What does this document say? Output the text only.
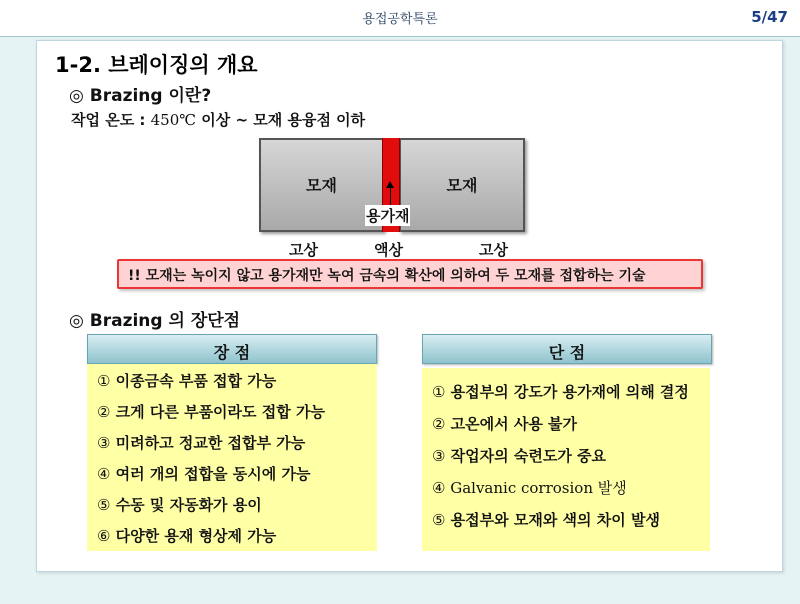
용접공학특론	5/47
1-2. 브레이징의 개요
◎ Brazing 이란?
작업 온도 : 450℃ 이상 ~ 모재 용융점 이하
모재	모재
용가재
고상	액상	고상
!! 모재는 녹이지 않고 용가재만 녹여 금속의 확산에 의하여 두 모재를 접합하는 기술
◎ Brazing 의 장단점
장 점
① 이종금속 부품 접합 가능
② 크게 다른 부품이라도 접합 가능
③ 미려하고 정교한 접합부 가능
④ 여러 개의 접합을 동시에 가능
⑤ 수동 및 자동화가 용이
⑥ 다양한 용재 형상제 가능
단 점
① 용접부의 강도가 용가재에 의해 결정
② 고온에서 사용 불가
③ 작업자의 숙련도가 중요
④ Galvanic corrosion 발생
⑤ 용접부와 모재와 색의 차이 발생
